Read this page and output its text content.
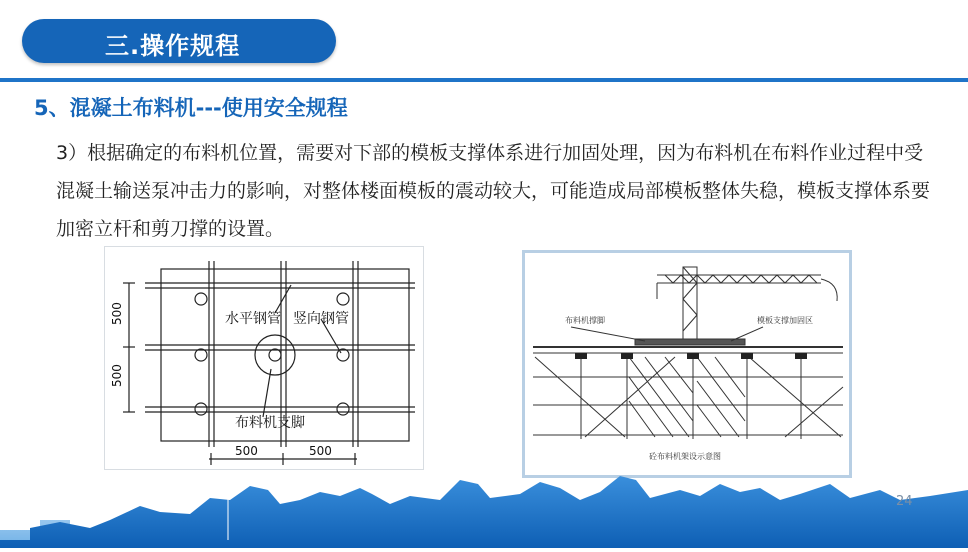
三.操作规程
5、混凝土布料机---使用安全规程
3）根据确定的布料机位置，需要对下部的模板支撑体系进行加固处理，因为布料机在布料作业过程中受混凝土输送泵冲击力的影响，对整体楼面模板的震动较大，可能造成局部模板整体失稳，模板支撑体系要加密立杆和剪刀撑的设置。
水平钢管 竖向钢管
布料机支脚
500
500
500	500
布料机撑脚	模板支撑加固区
砼布料机架设示意图
24
